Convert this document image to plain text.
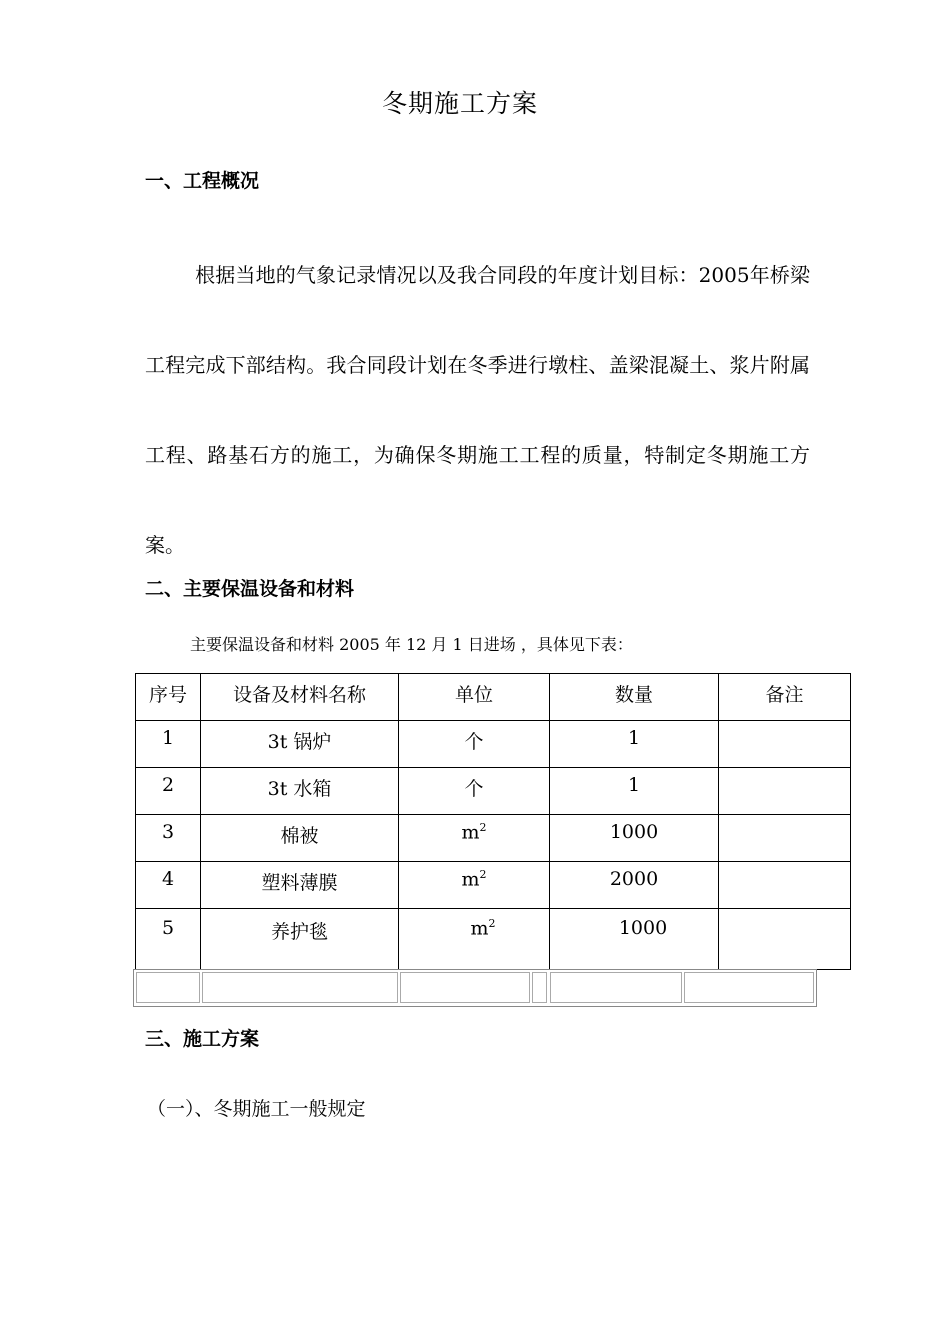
冬期施工方案
一、工程概况
根据当地的气象记录情况以及我合同段的年度计划目标：2005年桥梁工程完成下部结构。我合同段计划在冬季进行墩柱、盖梁混凝土、浆片附属工程、路基石方的施工，为确保冬期施工工程的质量，特制定冬期施工方案。
二、主要保温设备和材料
主要保温设备和材料 2005 年 12 月 1 日进场 ，具体见下表：
序号	设备及材料名称	单位	数量	备注
1	3t 锅炉	个	1	
2	3t 水箱	个	1	
3	棉被	$m^2$	1000	
4	塑料薄膜	$m^2$	2000	
5	养护毯	$m^2$	1000	
三、施工方案
（一）、冬期施工一般规定
